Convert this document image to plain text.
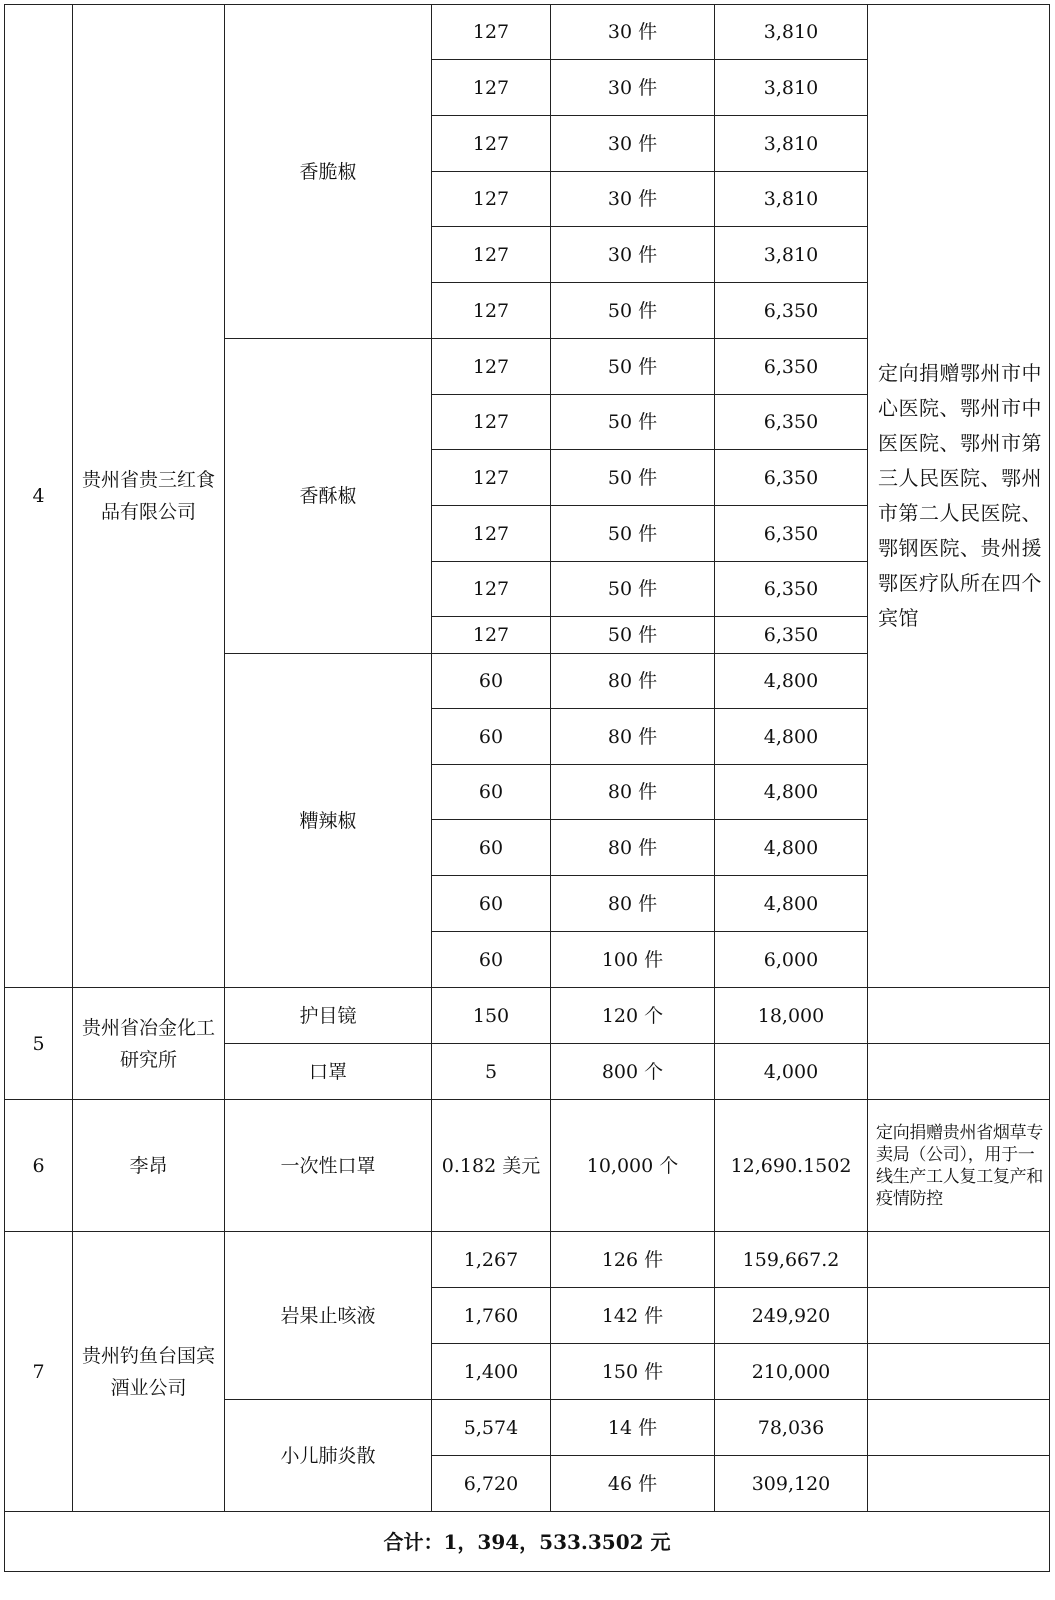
4	贵州省贵三红食品有限公司	香脆椒	127	30 件	3,810	定向捐赠鄂州市中心医院、鄂州市中医医院、鄂州市第三人民医院、鄂州市第二人民医院、鄂钢医院、贵州援鄂医疗队所在四个宾馆
			127	30 件	3,810	
			127	30 件	3,810	
			127	30 件	3,810	
			127	30 件	3,810	
			127	50 件	6,350	
		香酥椒	127	50 件	6,350	
			127	50 件	6,350	
			127	50 件	6,350	
			127	50 件	6,350	
			127	50 件	6,350	
			127	50 件	6,350	
		糟辣椒	60	80 件	4,800	
			60	80 件	4,800	
			60	80 件	4,800	
			60	80 件	4,800	
			60	80 件	4,800	
			60	100 件	6,000	
5	贵州省冶金化工研究所	护目镜	150	120 个	18,000	
		口罩	5	800 个	4,000	
6	李昂	一次性口罩	0.182 美元	10,000 个	12,690.1502	定向捐赠贵州省烟草专卖局（公司），用于一线生产工人复工复产和疫情防控
7	贵州钓鱼台国宾酒业公司	岩果止咳液	1,267	126 件	159,667.2	
			1,760	142 件	249,920	
			1,400	150 件	210,000	
		小儿肺炎散	5,574	14 件	78,036	
			6,720	46 件	309,120	
合计：1，394，533.3502 元						
